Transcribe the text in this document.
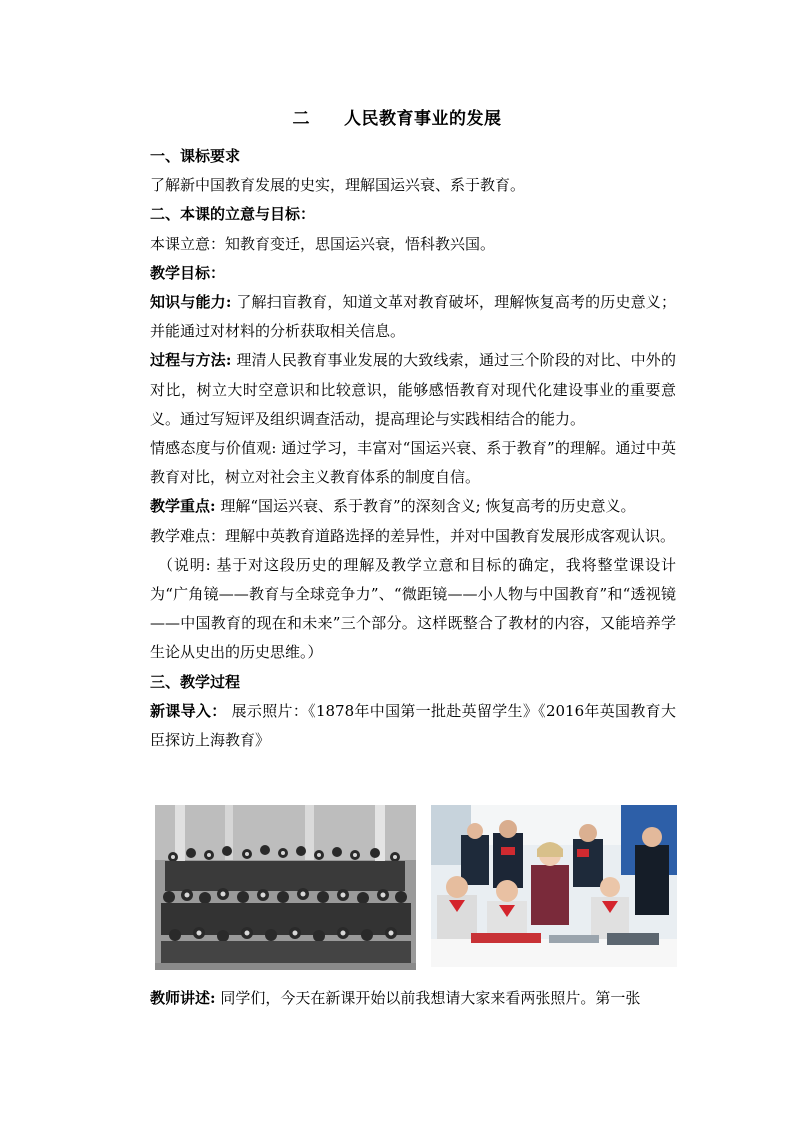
二 人民教育事业的发展

一、课标要求

了解新中国教育发展的史实，理解国运兴衰、系于教育。

二、本课的立意与目标：

本课立意：知教育变迁，思国运兴衰，悟科教兴国。

教学目标：

知识与能力: 了解扫盲教育，知道文革对教育破坏，理解恢复高考的历史意义；并能通过对材料的分析获取相关信息。

过程与方法: 理清人民教育事业发展的大致线索，通过三个阶段的对比、中外的对比，树立大时空意识和比较意识，能够感悟教育对现代化建设事业的重要意义。通过写短评及组织调查活动，提高理论与实践相结合的能力。

情感态度与价值观: 通过学习，丰富对“国运兴衰、系于教育”的理解。通过中英教育对比，树立对社会主义教育体系的制度自信。

教学重点: 理解“国运兴衰、系于教育”的深刻含义; 恢复高考的历史意义。

教学难点：理解中英教育道路选择的差异性，并对中国教育发展形成客观认识。

（说明: 基于对这段历史的理解及教学立意和目标的确定，我将整堂课设计为“广角镜——教育与全球竞争力”、“微距镜——小人物与中国教育”和“透视镜——中国教育的现在和未来”三个部分。这样既整合了教材的内容，又能培养学生论从史出的历史思维。）

三、教学过程

新课导入： 展示照片：《1878年中国第一批赴英留学生》《2016年英国教育大臣探访上海教育》

教师讲述: 同学们，今天在新课开始以前我想请大家来看两张照片。第一张
